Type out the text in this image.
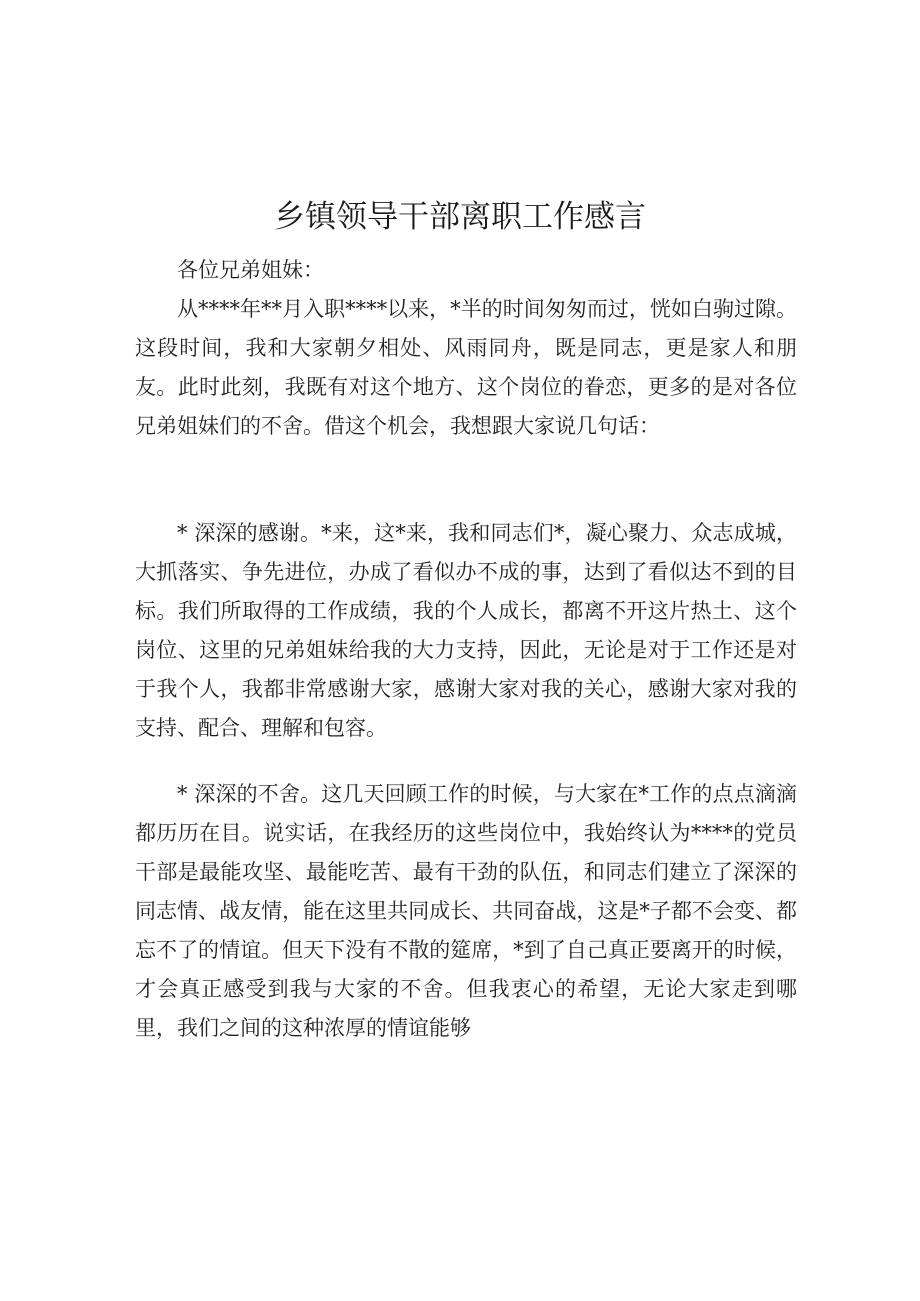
乡镇领导干部离职工作感言

各位兄弟姐妹：

从****年**月入职****以来，*半的时间匆匆而过，恍如白驹过隙。这段时间，我和大家朝夕相处、风雨同舟，既是同志，更是家人和朋友。此时此刻，我既有对这个地方、这个岗位的眷恋，更多的是对各位兄弟姐妹们的不舍。借这个机会，我想跟大家说几句话：

* 深深的感谢。*来，这*来，我和同志们*，凝心聚力、众志成城，大抓落实、争先进位，办成了看似办不成的事，达到了看似达不到的目标。我们所取得的工作成绩，我的个人成长，都离不开这片热土、这个岗位、这里的兄弟姐妹给我的大力支持，因此，无论是对于工作还是对于我个人，我都非常感谢大家，感谢大家对我的关心，感谢大家对我的支持、配合、理解和包容。

* 深深的不舍。这几天回顾工作的时候，与大家在*工作的点点滴滴都历历在目。说实话，在我经历的这些岗位中，我始终认为****的党员干部是最能攻坚、最能吃苦、最有干劲的队伍，和同志们建立了深深的同志情、战友情，能在这里共同成长、共同奋战，这是*子都不会变、都忘不了的情谊。但天下没有不散的筵席，*到了自己真正要离开的时候，才会真正感受到我与大家的不舍。但我衷心的希望，无论大家走到哪里，我们之间的这种浓厚的情谊能够
